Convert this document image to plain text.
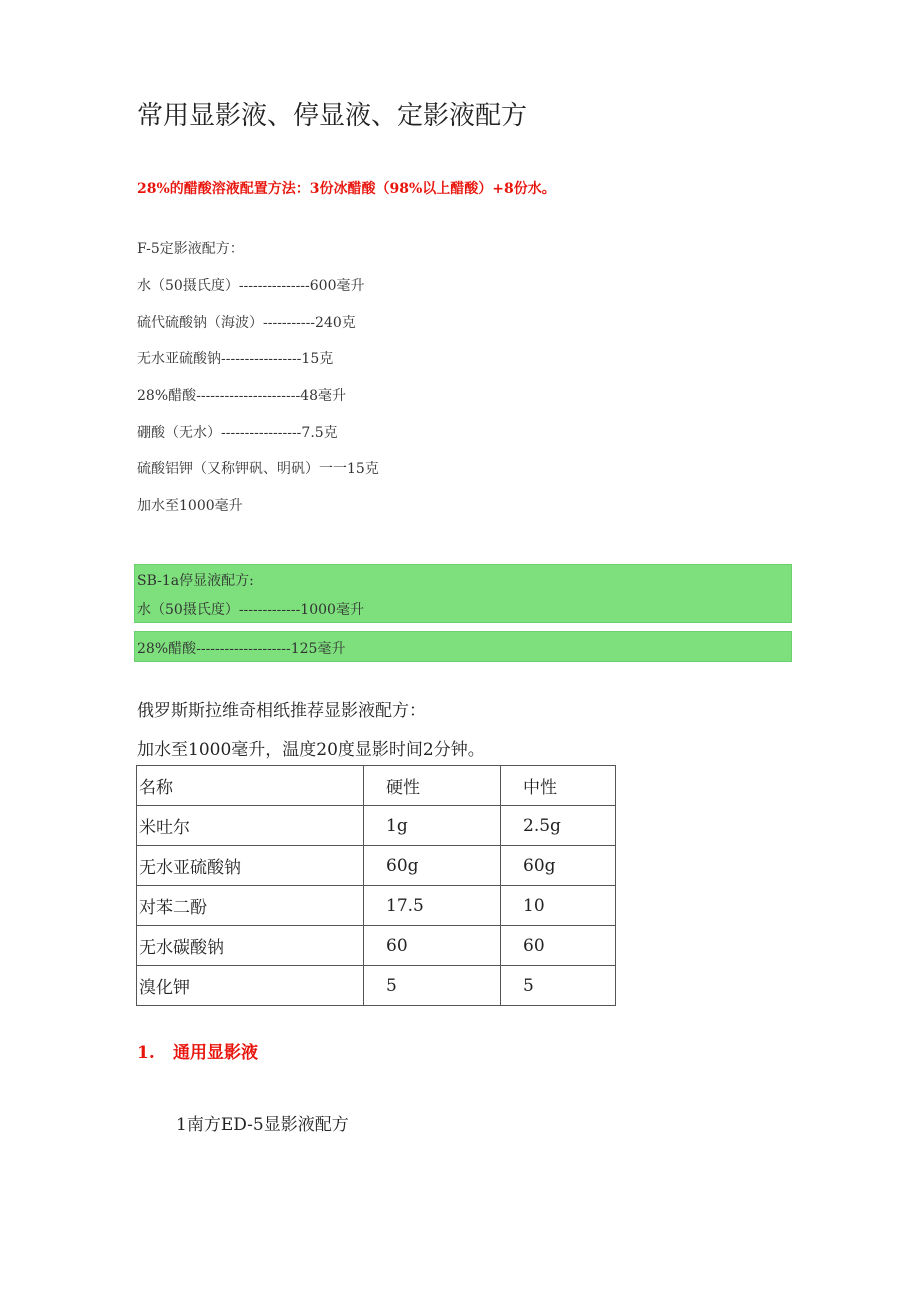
常用显影液、停显液、定影液配方
28%的醋酸溶液配置方法：3份冰醋酸（98%以上醋酸）+8份水。
F-5定影液配方：
水（50摄氏度）---------------600毫升
硫代硫酸钠（海波）-----------240克
无水亚硫酸钠-----------------15克
28%醋酸----------------------48毫升
硼酸（无水）-----------------7.5克
硫酸铝钾（又称钾矾、明矾）一一15克
加水至1000毫升
SB-1a停显液配方:
水（50摄氏度）-------------1000毫升
28%醋酸--------------------125毫升
俄罗斯斯拉维奇相纸推荐显影液配方：
加水至1000毫升，温度20度显影时间2分钟。
名称	硬性	中性
米吐尔	1g	2.5g
无水亚硫酸钠	60g	60g
对苯二酚	17.5	10
无水碳酸钠	60	60
溴化钾	5	5
1. 通用显影液
1南方ED-5显影液配方
